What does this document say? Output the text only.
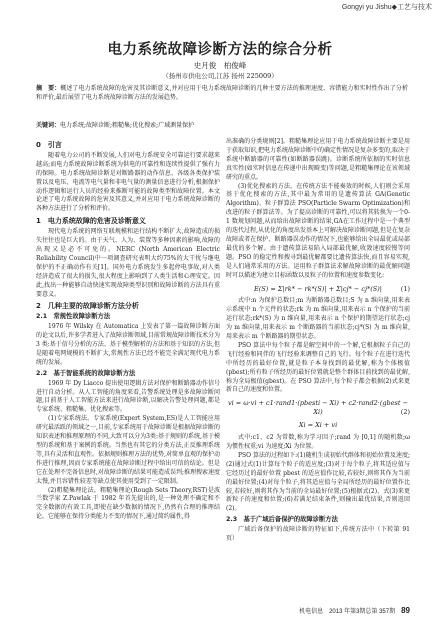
Gongyi yu Jishu◆工艺与技术
电力系统故障诊断方法的综合分析
史月俊　柏俊峰
（扬州市供电公司,江苏 扬州 225009）
摘　要：概述了电力系统故障的危害及其诊断意义,并对应用于电力系统故障诊断的几种主要方法的推理速度、容错能力和实时性作出了分析和评价,最后展望了电力系统故障诊断方法的发展趋势。
关键词：电力系统;故障诊断;粗糙集;优化搜索;广域测量保护
0　引言

随着电力公司的不断发展,人们对电力系统安全可靠运行要求越来越高;而电力系统故障诊断系统为供电的可靠性和连续性提供了强有力的保障。电力系统故障诊断是对断路器的动作信息、各级各类保护装置以及电压、电流等电气量和非电气量的测量信息进行分析,根据保护动作逻辑和运行人员的经验来推断可能的故障类型和故障位置。本文论述了电力系统故障的危害及其意义,并对应用于电力系统故障诊断的各种方法进行了分析和评价。

1　电力系统故障的危害及诊断意义

现代电力系统的网络互联规模和运行结构不断扩大,故障造成的损失往往也是巨大的。由于天气、人为、装置等多种因素的影响,故障的出现又是必不可免的。NERC (North American Electric Reliability Council)中一项调查研究表明大约75%的大干扰与继电保护的不正确动作有关[1]。国外电力系统发生多起停电事故,对人类经济造成了很大的损失,很大程度上影响到了人类生活和心理安定。因此,找出一种能够自动快速实现故障类型识别和故障诊断的方法具有重要意义。

2　几种主要的故障诊断方法分析
2.1　常规性故障诊断方法

1976 年 Wilsky 在 Automatica 上发表了第一篇故障诊断方面的论文以后,许多学者进入了故障诊断领域,目前常规故障诊断技术分为 3 类:基于信号分析的方法、基于模型解析的方法和基于知识的方法,但是随着电网规模的不断扩大,常规性方法已经不能完全满足现代电力系统的发展。

2.2　基于智能系统的故障诊断方法

1969 年 Dy Liacco 提出使用逻辑方法对保护和断路器动作信号进行自动分析。从人工智能的角度来看,告警系统处理是多故障诊断问题,目前基于人工智能方法来进行故障诊断,以解决告警处理问题,都是专家系统、粗糙集、优化搜索等。

(1)专家系统法。专家系统(Expert System,ES)是人工智能应用研究最活跃的领域之一,目前,专家系统用于故障诊断是根据故障诊断的知识表述和推理原理的不同,大致可以分为3类:基于规则的系统,基于模型的系统和基于案例的系统。当然也有其它的分类方法,正反推理系统等,具有灵活和直观性。依据规则推理方法的优势,对简单直观的保护动作进行推理,因而专家系统能在故障诊断过程中给出可信的结论。但是它在处理不完备信息时,对故障诊断的结果可能造成误判;推理搜索速度太慢,并且容错性较差等缺点使其使用受到了一定限制。

(2)粗糙集理论法。粗糙集理论(Rough Sets Theory,RST)是波兰数学家 Z.Pawlak 于 1982 年首先提出的,是一种处理不确定和不完全数据的有效工具,即使在缺少数据的情况下,仍然有合理的推理结论。它能够在保持分类能力不变的情况下,通过简约属性,得

出准确的分类规则[2]。粗糙集理论应用于电力系统故障诊断主要是用于获取知识,把电力系统故障诊断中的确定性情况是复杂多变的,取决于系统中断路器的可靠性(如断路器误跳)。诊断系统所依据的实时信息真实性(如实时信息在传递中出现畸变)等问题,是粗糙集理论在该领域研究的重点。

(3)优化搜索的方法。在传统方法不能奏效的时候,人们则会采用基于优化搜索的方法,其中最为常用的是遗传算法 GA(Genetic Algorithm)、粒子群算法 PSO(Particle Swarm Optimization)和改进的粒子群算法等。为了提高诊断的可靠性,可以将其转换为一个0-1 数规划问题,从而给出故障诊断的结果,GA在工作过程中是一个典型的迭代过程,从优化的角度出发基本上可解决故障诊断问题,但是在复杂故障或者在保护、断路器误动作的情况下,也能够给出全局最优或局部最优的多个解。由于遗传算法易陷入局部最优解,收敛速度较慢等问题。PSO 的稳定性和搜寻到最优解都要比遗传算法快,而且容易实现,是人们通常采用的方法。运用粒子群算法求解故障诊断的最优解问题时可以描述为建立目标函数以及粒子的位置和速度参数变化:

E(S) = Σ|rk* − rk*(S)| + Σ|cj* − cj*(S)|	(1)

式中:n 为保护总数目;m 为断路器总数目;S 为 n 维向量,用来表示系统中 n 个元件的状态;rk 为 m 维向量,用来表示 n 个保护的当前运行状态;rk*(S) 为 n 维向量,用来表示 n 个保护的期望运行状态;cj 为 m 维向量,用来表示 m 个断路器的当前状态;cj*(S) 为 m 维向量,用来表示 m 个断路器的期望状态。

PSO 算法中每个粒子都是解空间中的一个解,它根据粒子自己的飞行经验和同伴的飞行经验来调整自己的飞行。每个粒子在进行迭代中所经历的最好位置,就是粒子本身找到的最优解,称为个体极值(pbest);所有粒子所经历的最好位置就是整个群体目前找到的最优解,称为全局极值(gbest)。在 PSO 算法中,每个粒子都会根据(2)式来更新自己的速度和位置。

vi = ω·vi + c1·rand1·(pbesti − Xi) + c2·rand2·(gbest − Xi)	(2)
Xi = Xi + vi

式中:c1、c2 为常数,称为学习因子;rand 为 [0,1] 的随机数;ω 为惯性权重;vi 为速度;Xi 为位置。

PSO 算法的过程如下:(1)随机生成初始代群体和初始位置及速度;(2)通过式(1)计算每个粒子的适应度;(3)对于每个粒子,将其适应值与它经历过的最好位置 pbest 的适应值作比较,若较好,则将其作为当前的最好位置;(4)对每个粒子,将其适应值与全局所经历的最好位置作比较,若较好,则将其作为当前的全局最好位置;(5)根据式(2)、式(3)来更新粒子的速度和位置;(6)若满足结束条件,则输出最优结果,否则返回(2)。

2.3　基于广域后备保护的故障诊断方法

广域后备保护的故障诊断的特征如下,传统方法中（下转第 91 页）

机电信息　2013 年第3期总第 357期 89
